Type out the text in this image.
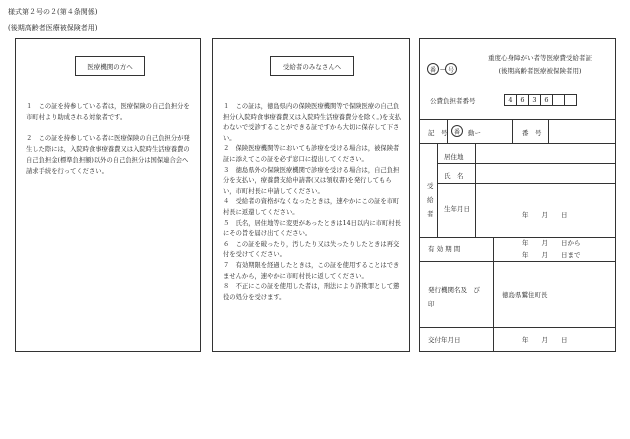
様式第２号の２(第４条関係)
(後期高齢者医療被保険者用)
医療機関の方へ

１　この証を持参している者は，医療保険の自己負担分を市町村より助成される対象者です。

２　この証を持参している者に医療保険の自己負担分が発生した際には，入院時食事療養費又は入院時生活療養費の自己負担金(標準負担額)以外の自己負担分は国保連合会へ請求手続を行ってください。

受給者のみなさんへ

１　この証は，徳島県内の保険医療機関等で保険医療の自己負担分(入院時食事療養費又は入院時生活療養費分を除く。)を支払わないで受診することができる証ですから大切に保存して下さい。

２　保険医療機関等においても診療を受ける場合は，被保険者証に添えてこの証を必ず窓口に提出してください。

３　徳島県外の保険医療機関で診療を受ける場合は，自己負担分を支払い，療養費支給申請書(又は領収書)を発行してもらい，市町村長に申請してください。

４　受給者の資格がなくなったときは，速やかにこの証を市町村長に返還してください。

５　氏名，居住地等に変更があったときは14日以内に市町村長にその旨を届け出てください。

６　この証を破ったり，汚したり又は失ったりしたときは再交付を受けてください。

７　有効期限を経過したときは，この証を使用することはできませんから，速やかに市町村長に返してください。

８　不正にこの証を使用した者は，刑法により詐欺罪として懲役の処分を受けます。

番 — 号
重度心身障がい者等医療費受給者証
(後期高齢者医療被保険者用)
公費負担者番号	4	6	3	6
記　号	番	動ー	番　号
受給者
居住地
氏　名
生年月日
年　　月　　日
有 効 期 間
年　　月　　日から
年　　月　　日まで
発行機関名及　び　印
徳島県鷲住町長
交付年月日	年　　月　　日
